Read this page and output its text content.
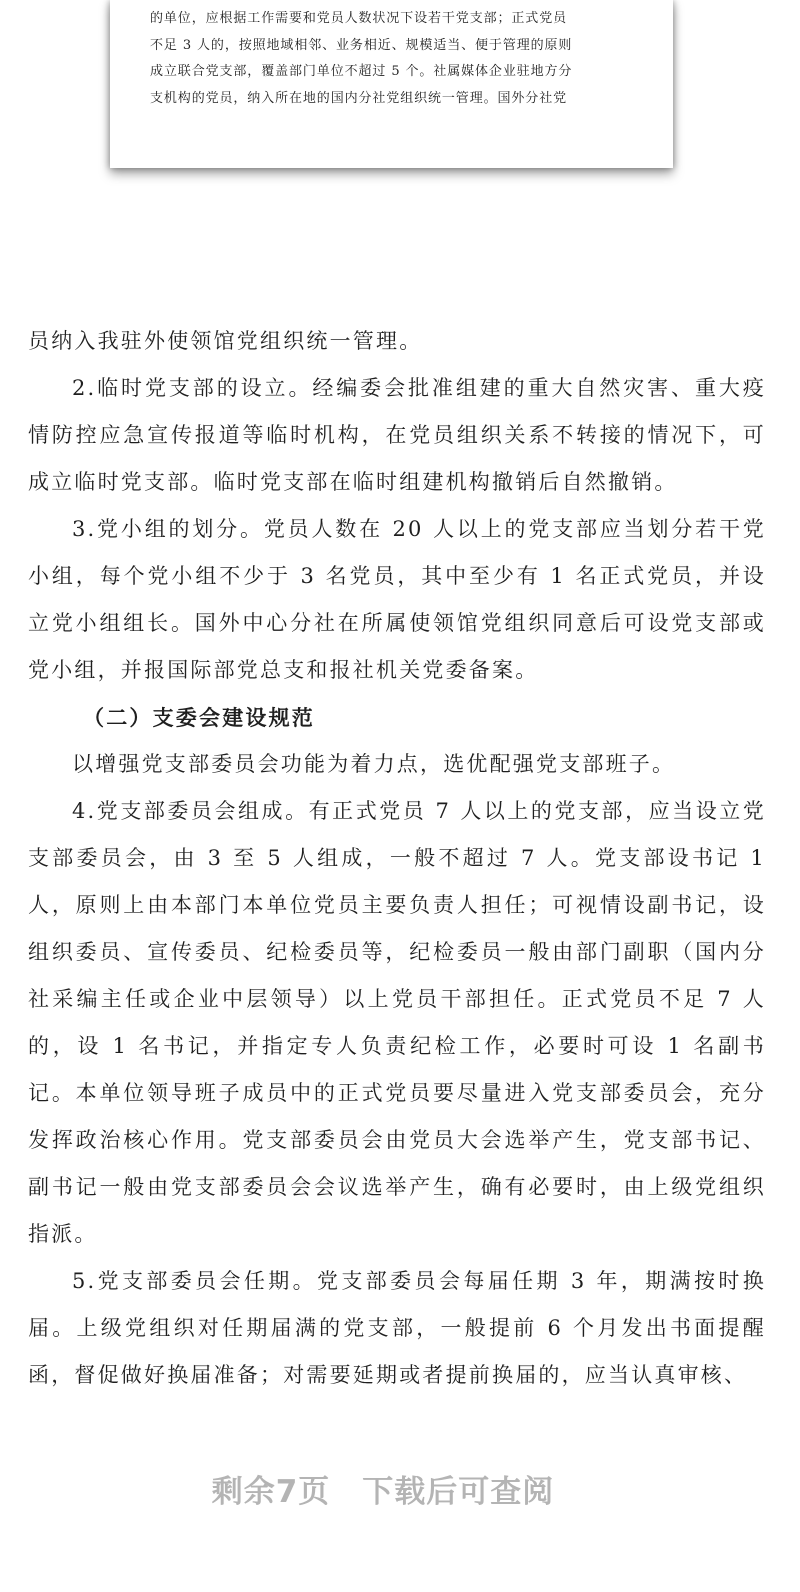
的单位，应根据工作需要和党员人数状况下设若干党支部；正式党员

不足 3 人的，按照地域相邻、业务相近、规模适当、便于管理的原则

成立联合党支部，覆盖部门单位不超过 5 个。社属媒体企业驻地方分

支机构的党员，纳入所在地的国内分社党组织统一管理。国外分社党

员纳入我驻外使领馆党组织统一管理。

2.临时党支部的设立。经编委会批准组建的重大自然灾害、重大疫情防控应急宣传报道等临时机构，在党员组织关系不转接的情况下，可成立临时党支部。临时党支部在临时组建机构撤销后自然撤销。

3.党小组的划分。党员人数在 20 人以上的党支部应当划分若干党小组，每个党小组不少于 3 名党员，其中至少有 1 名正式党员，并设立党小组组长。国外中心分社在所属使领馆党组织同意后可设党支部或党小组，并报国际部党总支和报社机关党委备案。

（二）支委会建设规范

以增强党支部委员会功能为着力点，选优配强党支部班子。

4.党支部委员会组成。有正式党员 7 人以上的党支部，应当设立党支部委员会，由 3 至 5 人组成，一般不超过 7 人。党支部设书记 1 人，原则上由本部门本单位党员主要负责人担任；可视情设副书记，设组织委员、宣传委员、纪检委员等，纪检委员一般由部门副职（国内分社采编主任或企业中层领导）以上党员干部担任。正式党员不足 7 人的，设 1 名书记，并指定专人负责纪检工作，必要时可设 1 名副书记。本单位领导班子成员中的正式党员要尽量进入党支部委员会，充分发挥政治核心作用。党支部委员会由党员大会选举产生，党支部书记、副书记一般由党支部委员会会议选举产生，确有必要时，由上级党组织指派。

5.党支部委员会任期。党支部委员会每届任期 3 年，期满按时换届。上级党组织对任期届满的党支部，一般提前 6 个月发出书面提醒函，督促做好换届准备；对需要延期或者提前换届的，应当认真审核、

剩余7页　下载后可查阅
